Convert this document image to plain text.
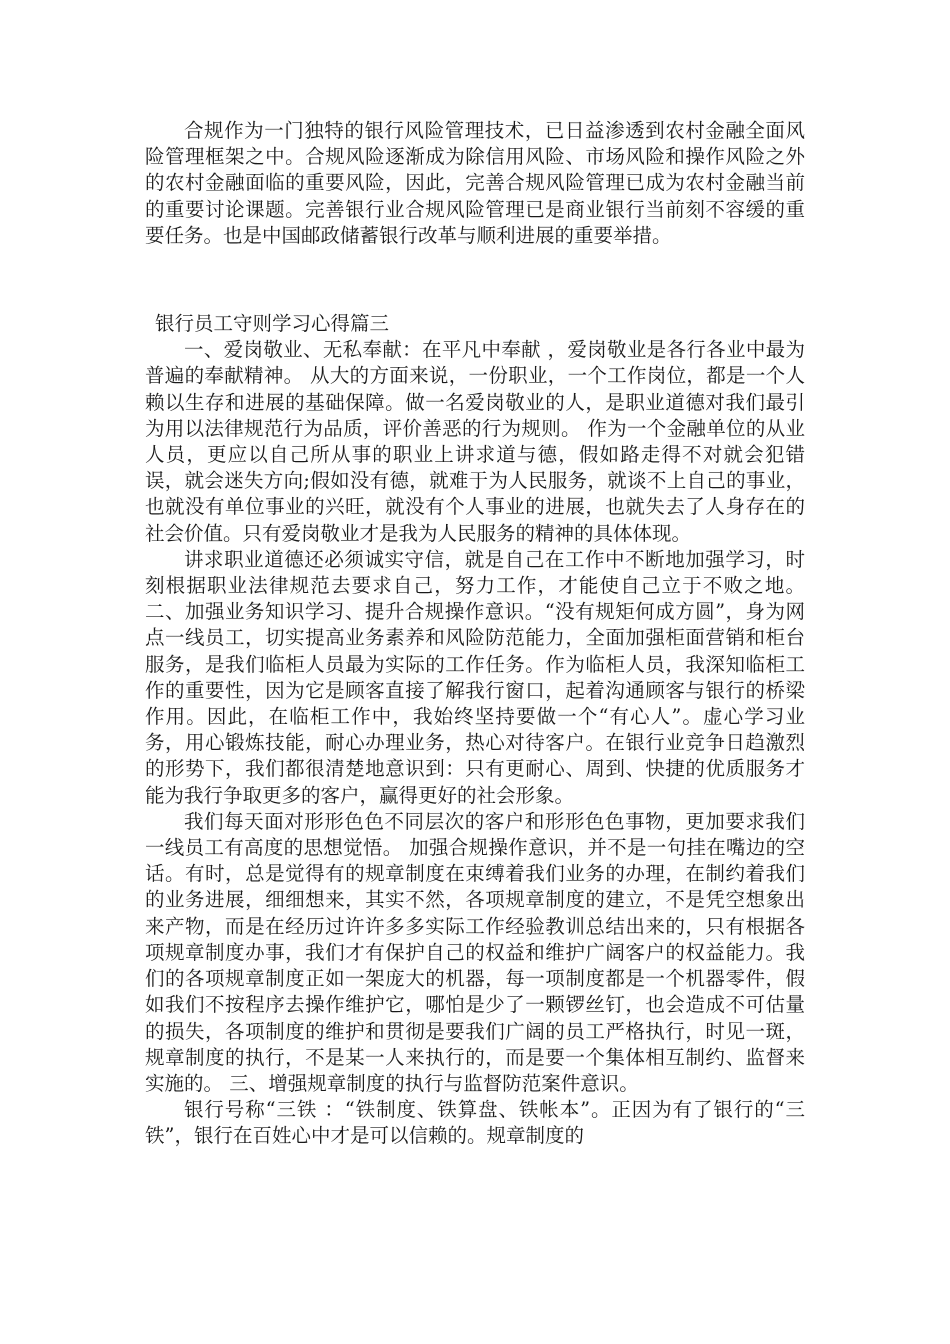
合规作为一门独特的银行风险管理技术，已日益渗透到农村金融全面风险管理框架之中。合规风险逐渐成为除信用风险、市场风险和操作风险之外的农村金融面临的重要风险，因此，完善合规风险管理已成为农村金融当前的重要讨论课题。完善银行业合规风险管理已是商业银行当前刻不容缓的重要任务。也是中国邮政储蓄银行改革与顺利进展的重要举措。

银行员工守则学习心得篇三

一、爱岗敬业、无私奉献：在平凡中奉献 ，爱岗敬业是各行各业中最为普遍的奉献精神。 从大的方面来说，一份职业，一个工作岗位，都是一个人赖以生存和进展的基础保障。做一名爱岗敬业的人，是职业道德对我们最引为用以法律规范行为品质，评价善恶的行为规则。 作为一个金融单位的从业人员，更应以自己所从事的职业上讲求道与德，假如路走得不对就会犯错误，就会迷失方向;假如没有德，就难于为人民服务，就谈不上自己的事业，也就没有单位事业的兴旺，就没有个人事业的进展，也就失去了人身存在的社会价值。只有爱岗敬业才是我为人民服务的精神的具体体现。

讲求职业道德还必须诚实守信，就是自己在工作中不断地加强学习，时刻根据职业法律规范去要求自己，努力工作，才能使自己立于不败之地。 二、加强业务知识学习、提升合规操作意识。“没有规矩何成方圆”，身为网点一线员工，切实提高业务素养和风险防范能力，全面加强柜面营销和柜台服务，是我们临柜人员最为实际的工作任务。作为临柜人员，我深知临柜工作的重要性，因为它是顾客直接了解我行窗口，起着沟通顾客与银行的桥梁作用。因此，在临柜工作中，我始终坚持要做一个“有心人”。虚心学习业务，用心锻炼技能，耐心办理业务，热心对待客户。在银行业竞争日趋激烈的形势下，我们都很清楚地意识到：只有更耐心、周到、快捷的优质服务才能为我行争取更多的客户，赢得更好的社会形象。

我们每天面对形形色色不同层次的客户和形形色色事物，更加要求我们一线员工有高度的思想觉悟。 加强合规操作意识，并不是一句挂在嘴边的空话。有时，总是觉得有的规章制度在束缚着我们业务的办理，在制约着我们的业务进展，细细想来，其实不然，各项规章制度的建立，不是凭空想象出来产物，而是在经历过许许多多实际工作经验教训总结出来的，只有根据各项规章制度办事，我们才有保护自己的权益和维护广阔客户的权益能力。我们的各项规章制度正如一架庞大的机器，每一项制度都是一个机器零件，假如我们不按程序去操作维护它，哪怕是少了一颗锣丝钉，也会造成不可估量的损失，各项制度的维护和贯彻是要我们广阔的员工严格执行，时见一斑，规章制度的执行，不是某一人来执行的，而是要一个集体相互制约、监督来实施的。 三、增强规章制度的执行与监督防范案件意识。

银行号称“三铁 ：“铁制度、铁算盘、铁帐本”。正因为有了银行的“三铁”，银行在百姓心中才是可以信赖的。规章制度的
